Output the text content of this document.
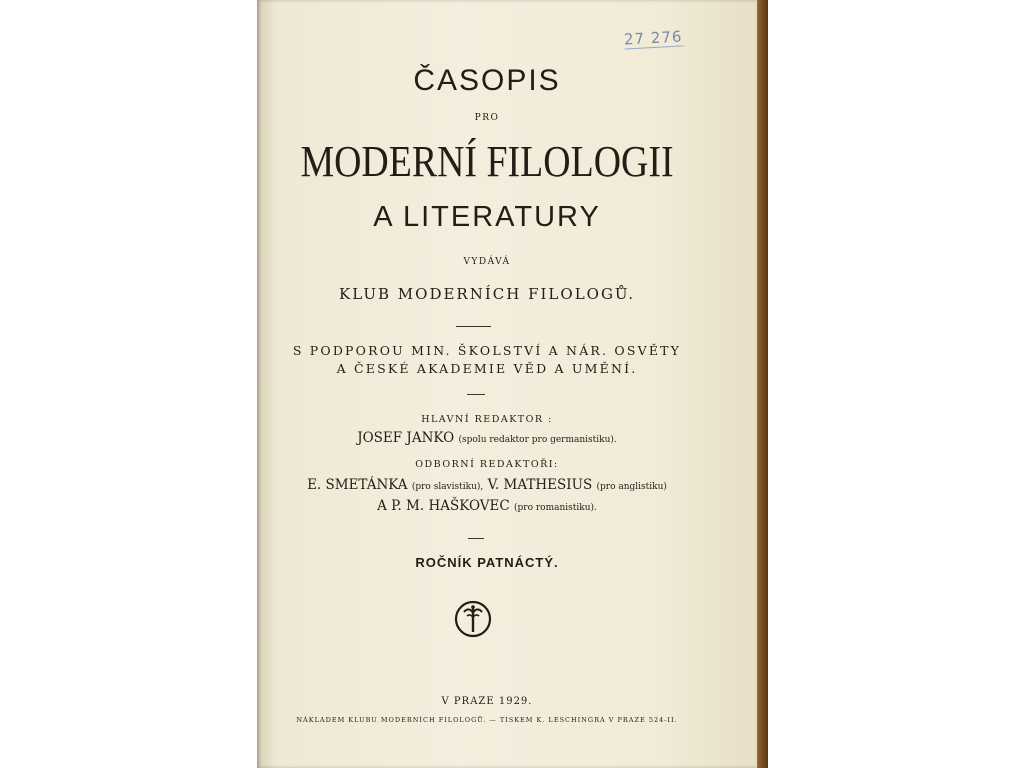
27 276
ČASOPIS
PRO
MODERNÍ FILOLOGII
A LITERATURY
VYDÁVÁ
KLUB MODERNÍCH FILOLOGŮ.
S PODPOROU MIN. ŠKOLSTVÍ A NÁR. OSVĚTY
A ČESKÉ AKADEMIE VĚD A UMĚNÍ.
HLAVNÍ REDAKTOR :
JOSEF JANKO (spolu redaktor pro germanistiku).
ODBORNÍ REDAKTOŘI:
E. SMETÁNKA (pro slavistiku), V. MATHESIUS (pro anglistiku)
A P. M. HAŠKOVEC (pro romanistiku).
ROČNÍK PATNÁCTÝ.
V PRAZE 1929.
NÁKLADEM KLUBU MODERNÍCH FILOLOGŮ. — TISKEM K. LESCHINGRA V PRAZE 524-II.
